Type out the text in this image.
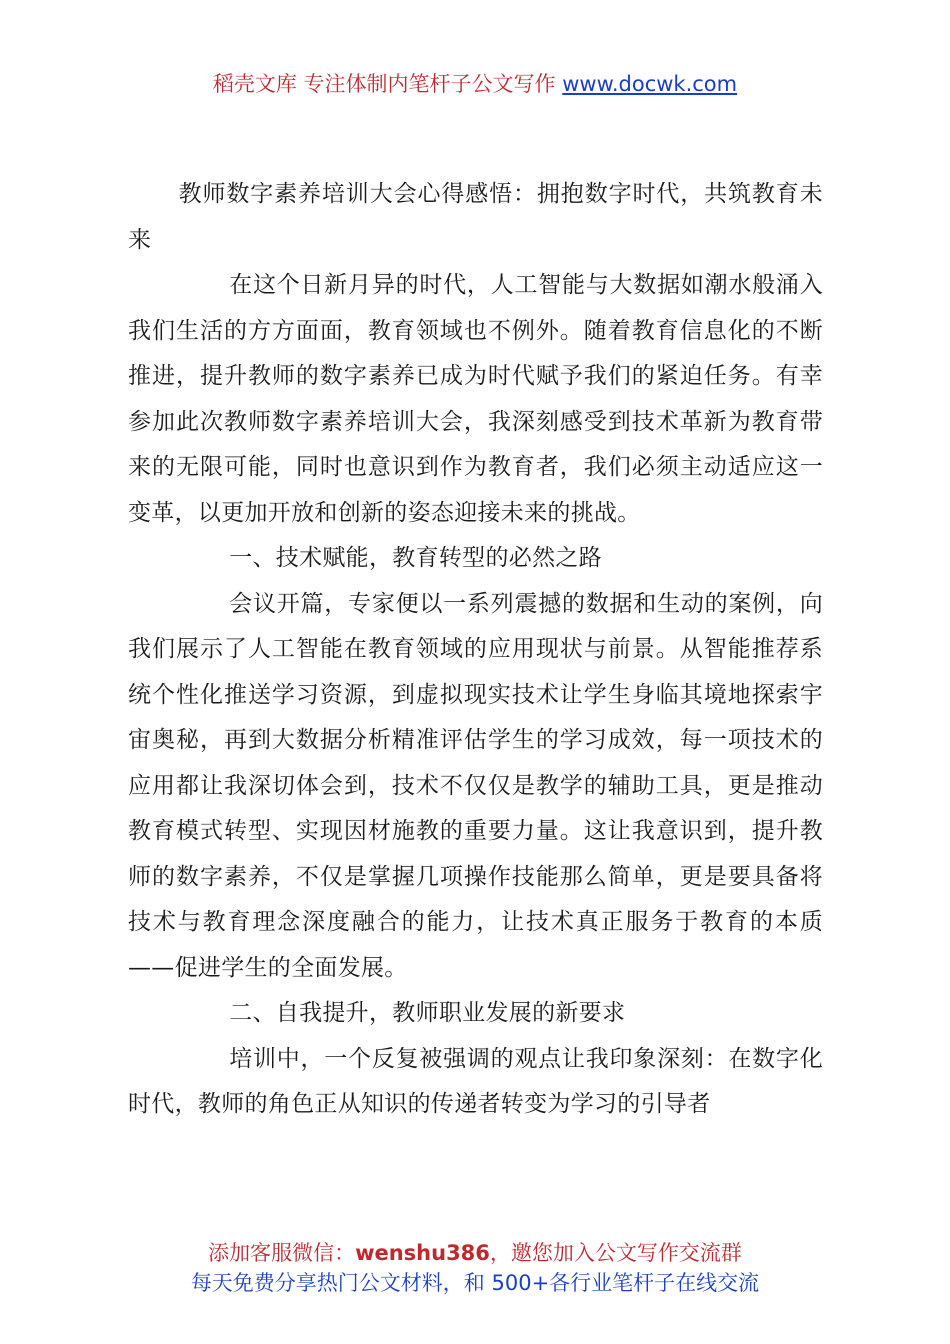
稻壳文库 专注体制内笔杆子公文写作 www.docwk.com

教师数字素养培训大会心得感悟：拥抱数字时代，共筑教育未来

在这个日新月异的时代，人工智能与大数据如潮水般涌入我们生活的方方面面，教育领域也不例外。随着教育信息化的不断推进，提升教师的数字素养已成为时代赋予我们的紧迫任务。有幸参加此次教师数字素养培训大会，我深刻感受到技术革新为教育带来的无限可能，同时也意识到作为教育者，我们必须主动适应这一变革，以更加开放和创新的姿态迎接未来的挑战。

一、技术赋能，教育转型的必然之路

会议开篇，专家便以一系列震撼的数据和生动的案例，向我们展示了人工智能在教育领域的应用现状与前景。从智能推荐系统个性化推送学习资源，到虚拟现实技术让学生身临其境地探索宇宙奥秘，再到大数据分析精准评估学生的学习成效，每一项技术的应用都让我深切体会到，技术不仅仅是教学的辅助工具，更是推动教育模式转型、实现因材施教的重要力量。这让我意识到，提升教师的数字素养，不仅是掌握几项操作技能那么简单，更是要具备将技术与教育理念深度融合的能力，让技术真正服务于教育的本质——促进学生的全面发展。

二、自我提升，教师职业发展的新要求

培训中，一个反复被强调的观点让我印象深刻：在数字化时代，教师的角色正从知识的传递者转变为学习的引导者

添加客服微信：wenshu386，邀您加入公文写作交流群
每天免费分享热门公文材料，和 500+各行业笔杆子在线交流
